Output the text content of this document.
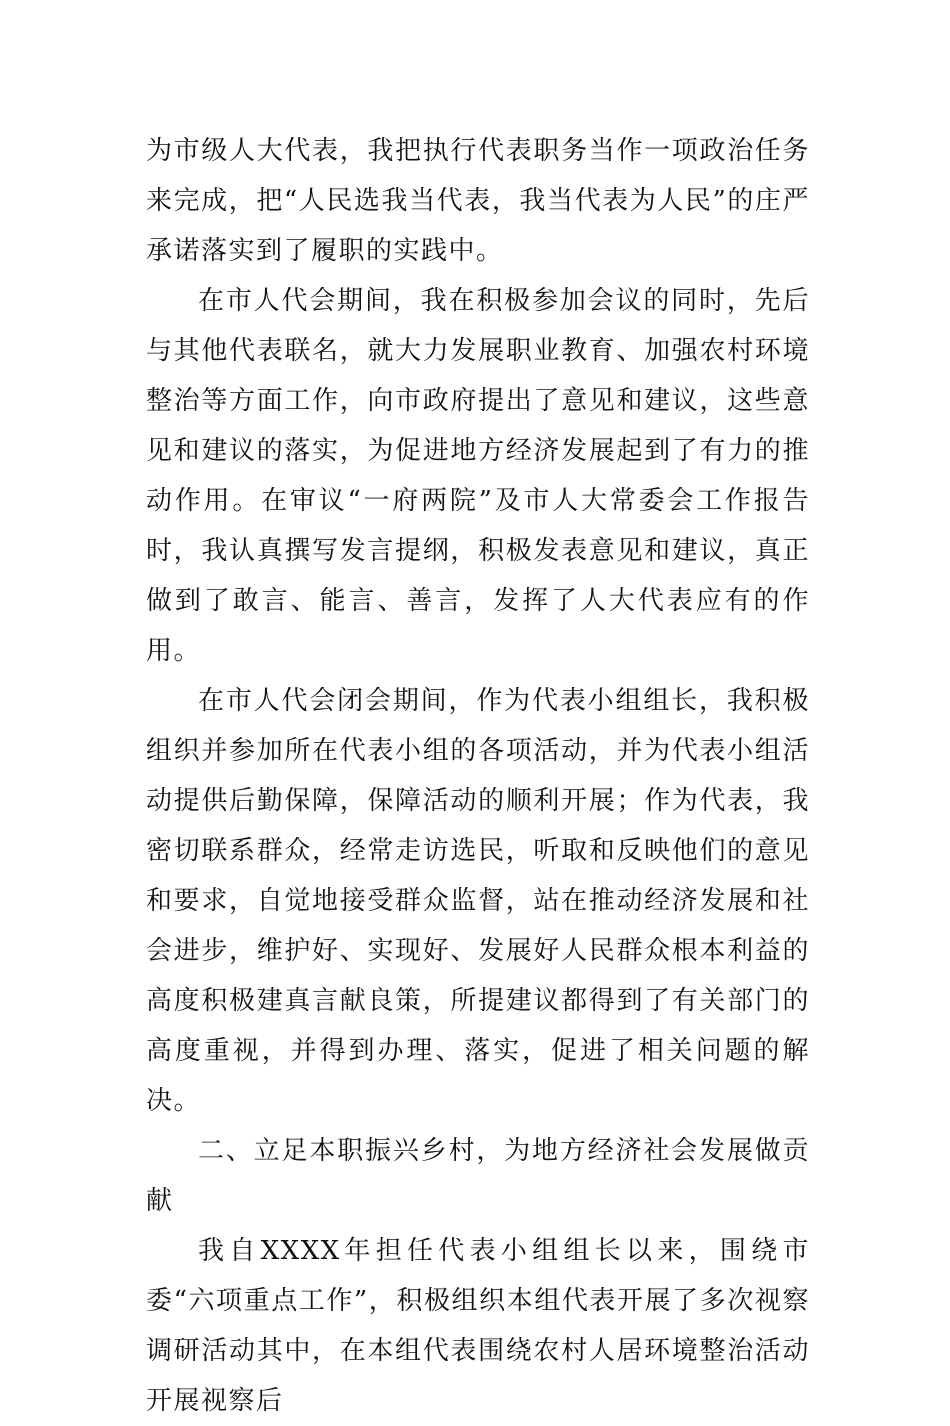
为市级人大代表，我把执行代表职务当作一项政治任务来完成，把“人民选我当代表，我当代表为人民”的庄严承诺落实到了履职的实践中。

在市人代会期间，我在积极参加会议的同时，先后与其他代表联名，就大力发展职业教育、加强农村环境整治等方面工作，向市政府提出了意见和建议，这些意见和建议的落实，为促进地方经济发展起到了有力的推动作用。在审议“一府两院”及市人大常委会工作报告时，我认真撰写发言提纲，积极发表意见和建议，真正做到了敢言、能言、善言，发挥了人大代表应有的作用。

在市人代会闭会期间，作为代表小组组长，我积极组织并参加所在代表小组的各项活动，并为代表小组活动提供后勤保障，保障活动的顺利开展；作为代表，我密切联系群众，经常走访选民，听取和反映他们的意见和要求，自觉地接受群众监督，站在推动经济发展和社会进步，维护好、实现好、发展好人民群众根本利益的高度积极建真言献良策，所提建议都得到了有关部门的高度重视，并得到办理、落实，促进了相关问题的解决。

二、立足本职振兴乡村，为地方经济社会发展做贡献

我自XXXX年担任代表小组组长以来，围绕市委“六项重点工作”，积极组织本组代表开展了多次视察调研活动其中，在本组代表围绕农村人居环境整治活动开展视察后
